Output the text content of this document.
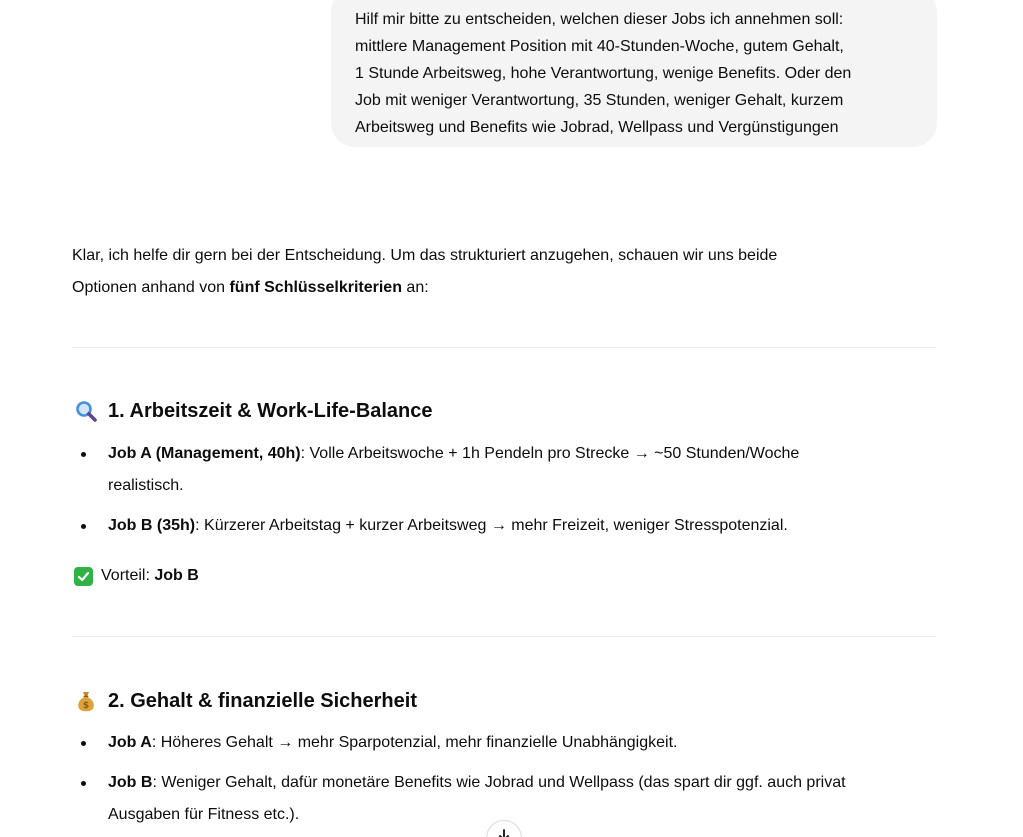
Hilf mir bitte zu entscheiden, welchen dieser Jobs ich annehmen soll:
mittlere Management Position mit 40-Stunden-Woche, gutem Gehalt,
1 Stunde Arbeitsweg, hohe Verantwortung, wenige Benefits. Oder den
Job mit weniger Verantwortung, 35 Stunden, weniger Gehalt, kurzem
Arbeitsweg und Benefits wie Jobrad, Wellpass und Vergünstigungen

Klar, ich helfe dir gern bei der Entscheidung. Um das strukturiert anzugehen, schauen wir uns beide
Optionen anhand von fünf Schlüsselkriterien an:

1. Arbeitszeit & Work-Life-Balance
Job A (Management, 40h): Volle Arbeitswoche + 1h Pendeln pro Strecke → ~50 Stunden/Woche
realistisch.
Job B (35h): Kürzerer Arbeitstag + kurzer Arbeitsweg → mehr Freizeit, weniger Stresspotenzial.
Vorteil: Job B
$ 2. Gehalt & finanzielle Sicherheit
Job A: Höheres Gehalt → mehr Sparpotenzial, mehr finanzielle Unabhängigkeit.
Job B: Weniger Gehalt, dafür monetäre Benefits wie Jobrad und Wellpass (das spart dir ggf. auch privat
Ausgaben für Fitness etc.).
